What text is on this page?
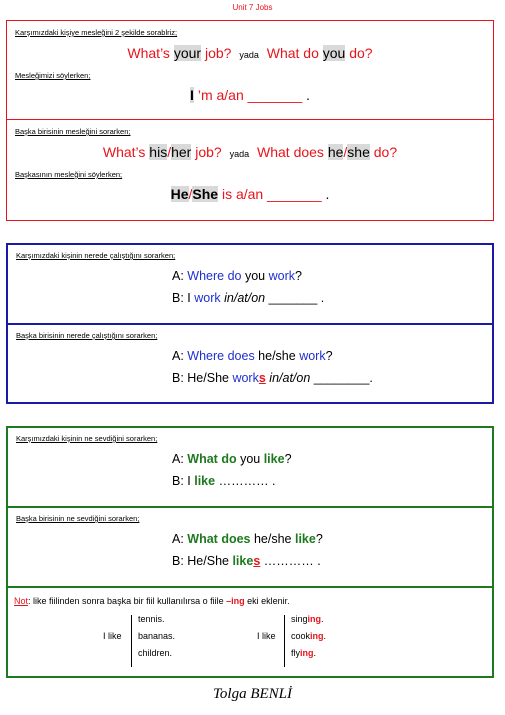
Unit 7 Jobs
Karşımızdaki kişiye mesleğini 2 şekilde sorablriz;
What’s your job? yada What do you do?
Mesleğimizi söylerken;
I ’m a/an _______ .
Başka birisinin mesleğini sorarken;
What’s his/her job? yada What does he/she do?
Başkasının mesleğini söylerken;
He/She is a/an _______ .
Karşımızdaki kişinin nerede çalıştığını sorarken;
A: Where do you work?
B: I work in/at/on _______ .
Başka birisinin nerede çalıştığını sorarken;
A: Where does he/she work?
B: He/She works in/at/on ________.
Karşımızdaki kişinin ne sevdiğini sorarken;
A: What do you like?
B: I like ………… .
Başka birisinin ne sevdiğini sorarken;
A: What does he/she like?
B: He/She likes ………… .
Not: like fiilinden sonra başka bir fiil kullanılırsa o fiile –ing eki eklenir.
I like
tennis.
bananas.
children.
I like
singing.
cooking.
flying.
Tolga BENLİ
